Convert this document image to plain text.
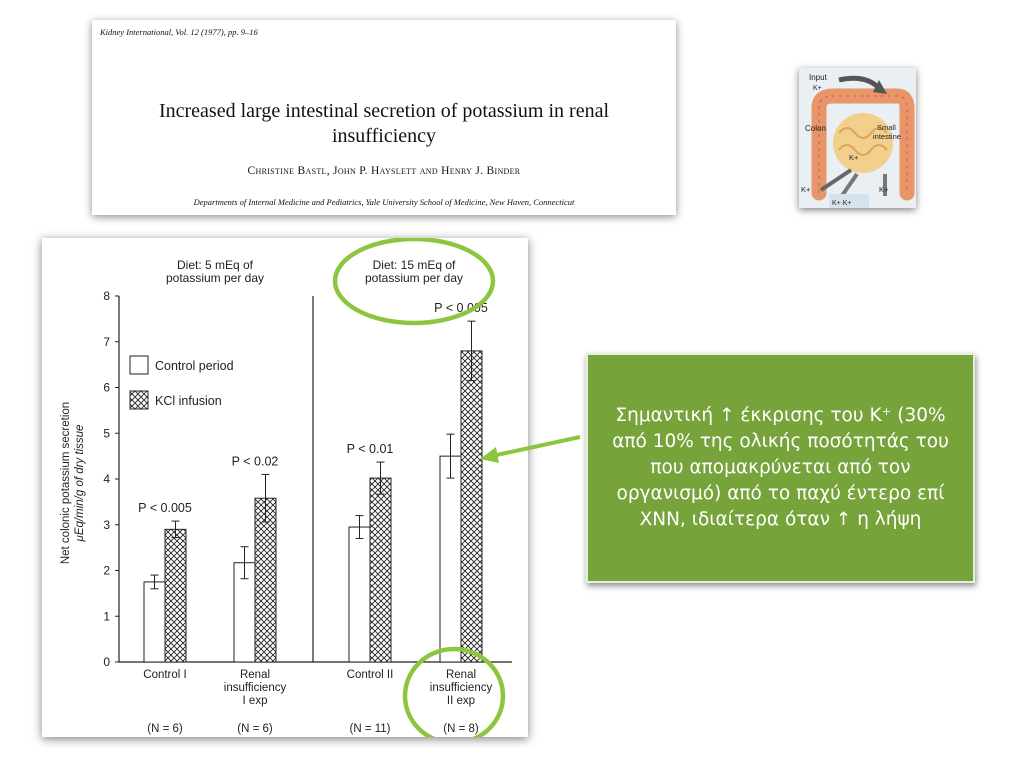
Kidney International, Vol. 12 (1977), pp. 9–16
Increased large intestinal secretion of potassium in renal
insufficiency
Christine Bastl, John P. Hayslett and Henry J. Binder
Departments of Internal Medicine and Pediatrics, Yale University School of Medicine, New Haven, Connecticut
Input
K+
Colon	Small
intestine
K+
K+	K+
K+ K+
0
1
2
3
4
5
6
7
8
Net colonic potassium secretion μEq/min/g of dry tissue
Diet: 5 mEq of
potassium per day
Diet: 15 mEq of
potassium per day
Control period
KCl infusion
P < 0.005
Control I
(N = 6)
P < 0.02
Renal
insufficiency
I exp
(N = 6)
P < 0.01
Control II
(N = 11)
P < 0.005
Renal
insufficiency
II exp
(N = 8)
Σημαντική ↑ έκκρισης του K⁺ (30% από 10% της ολικής ποσότητάς του που απομακρύνεται από τον οργανισμό) από το παχύ έντερο επί ΧΝΝ, ιδιαίτερα όταν ↑ η λήψη
